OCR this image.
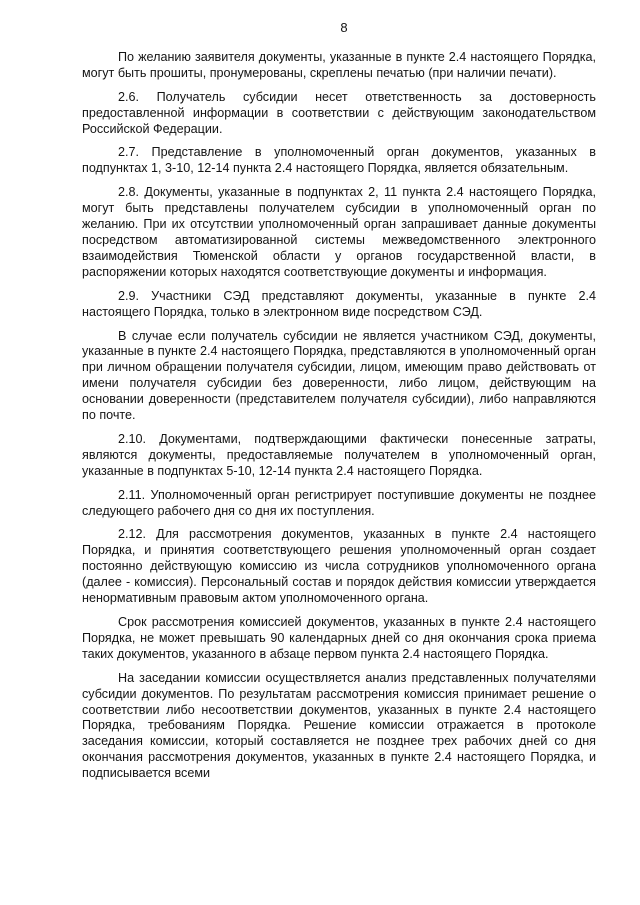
8

По желанию заявителя документы, указанные в пункте 2.4 настоящего Порядка, могут быть прошиты, пронумерованы, скреплены печатью (при наличии печати).

2.6. Получатель субсидии несет ответственность за достоверность предоставленной информации в соответствии с действующим законодательством Российской Федерации.

2.7. Представление в уполномоченный орган документов, указанных в подпунктах 1, 3-10, 12-14 пункта 2.4 настоящего Порядка, является обязательным.

2.8. Документы, указанные в подпунктах 2, 11 пункта 2.4 настоящего Порядка, могут быть представлены получателем субсидии в уполномоченный орган по желанию. При их отсутствии уполномоченный орган запрашивает данные документы посредством автоматизированной системы межведомственного электронного взаимодействия Тюменской области у органов государственной власти, в распоряжении которых находятся соответствующие документы и информация.

2.9. Участники СЭД представляют документы, указанные в пункте 2.4 настоящего Порядка, только в электронном виде посредством СЭД.

В случае если получатель субсидии не является участником СЭД, документы, указанные в пункте 2.4 настоящего Порядка, представляются в уполномоченный орган при личном обращении получателя субсидии, лицом, имеющим право действовать от имени получателя субсидии без доверенности, либо лицом, действующим на основании доверенности (представителем получателя субсидии), либо направляются по почте.

2.10. Документами, подтверждающими фактически понесенные затраты, являются документы, предоставляемые получателем в уполномоченный орган, указанные в подпунктах 5-10, 12-14 пункта 2.4 настоящего Порядка.

2.11. Уполномоченный орган регистрирует поступившие документы не позднее следующего рабочего дня со дня их поступления.

2.12. Для рассмотрения документов, указанных в пункте 2.4 настоящего Порядка, и принятия соответствующего решения уполномоченный орган создает постоянно действующую комиссию из числа сотрудников уполномоченного органа (далее - комиссия). Персональный состав и порядок действия комиссии утверждается ненормативным правовым актом уполномоченного органа.

Срок рассмотрения комиссией документов, указанных в пункте 2.4 настоящего Порядка, не может превышать 90 календарных дней со дня окончания срока приема таких документов, указанного в абзаце первом пункта 2.4 настоящего Порядка.

На заседании комиссии осуществляется анализ представленных получателями субсидии документов. По результатам рассмотрения комиссия принимает решение о соответствии либо несоответствии документов, указанных в пункте 2.4 настоящего Порядка, требованиям Порядка. Решение комиссии отражается в протоколе заседания комиссии, который составляется не позднее трех рабочих дней со дня окончания рассмотрения документов, указанных в пункте 2.4 настоящего Порядка, и подписывается всеми
